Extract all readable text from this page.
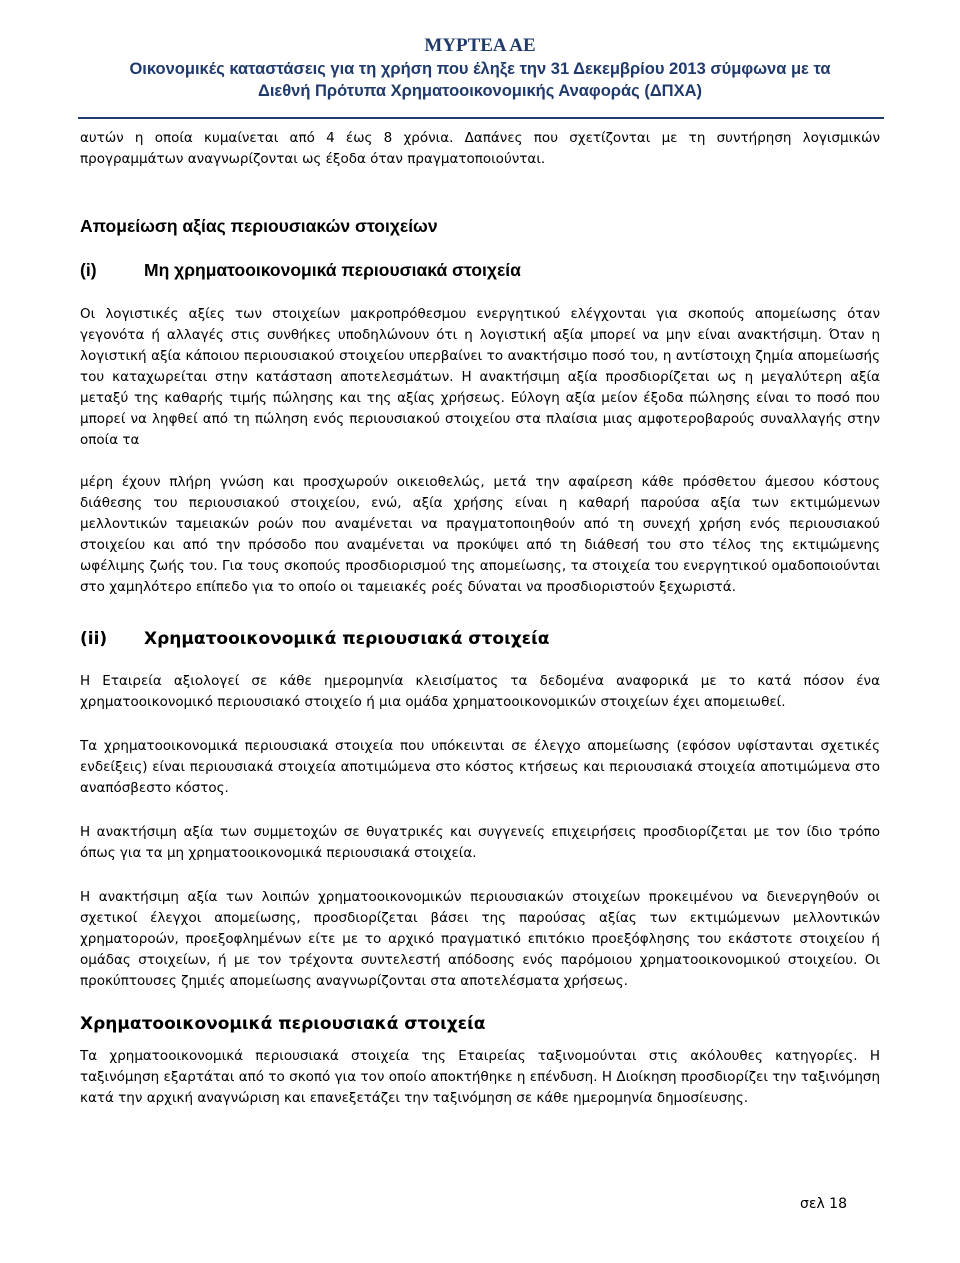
ΜΥΡΤΕΑ ΑΕ
Οικονομικές καταστάσεις για τη χρήση που έληξε την 31 Δεκεμβρίου 2013 σύμφωνα με τα
Διεθνή Πρότυπα Χρηματοοικονομικής Αναφοράς (ΔΠΧΑ)

αυτών η οποία κυμαίνεται από 4 έως 8 χρόνια. Δαπάνες που σχετίζονται με τη συντήρηση λογισμικών προγραμμάτων αναγνωρίζονται ως έξοδα όταν πραγματοποιούνται.

Απομείωση αξίας περιουσιακών στοιχείων
(i)	Μη χρηματοοικονομικά περιουσιακά στοιχεία

Οι λογιστικές αξίες των στοιχείων μακροπρόθεσμου ενεργητικού ελέγχονται για σκοπούς απομείωσης όταν γεγονότα ή αλλαγές στις συνθήκες υποδηλώνουν ότι η λογιστική αξία μπορεί να μην είναι ανακτήσιμη. Όταν η λογιστική αξία κάποιου περιουσιακού στοιχείου υπερβαίνει το ανακτήσιμο ποσό του, η αντίστοιχη ζημία απομείωσής του καταχωρείται στην κατάσταση αποτελεσμάτων. Η ανακτήσιμη αξία προσδιορίζεται ως η μεγαλύτερη αξία μεταξύ της καθαρής τιμής πώλησης και της αξίας χρήσεως. Εύλογη αξία μείον έξοδα πώλησης είναι το ποσό που μπορεί να ληφθεί από τη πώληση ενός περιουσιακού στοιχείου στα πλαίσια μιας αμφοτεροβαρούς συναλλαγής στην οποία τα

μέρη έχουν πλήρη γνώση και προσχωρούν οικειοθελώς, μετά την αφαίρεση κάθε πρόσθετου άμεσου κόστους διάθεσης του περιουσιακού στοιχείου, ενώ, αξία χρήσης είναι η καθαρή παρούσα αξία των εκτιμώμενων μελλοντικών ταμειακών ροών που αναμένεται να πραγματοποιηθούν από τη συνεχή χρήση ενός περιουσιακού στοιχείου και από την πρόσοδο που αναμένεται να προκύψει από τη διάθεσή του στο τέλος της εκτιμώμενης ωφέλιμης ζωής του. Για τους σκοπούς προσδιορισμού της απομείωσης, τα στοιχεία του ενεργητικού ομαδοποιούνται στο χαμηλότερο επίπεδο για το οποίο οι ταμειακές ροές δύναται να προσδιοριστούν ξεχωριστά.

(ii)	Χρηματοοικονομικά περιουσιακά στοιχεία

Η Εταιρεία αξιολογεί σε κάθε ημερομηνία κλεισίματος τα δεδομένα αναφορικά με το κατά πόσον ένα χρηματοοικονομικό περιουσιακό στοιχείο ή μια ομάδα χρηματοοικονομικών στοιχείων έχει απομειωθεί.

Τα χρηματοοικονομικά περιουσιακά στοιχεία που υπόκεινται σε έλεγχο απομείωσης (εφόσον υφίστανται σχετικές ενδείξεις) είναι περιουσιακά στοιχεία αποτιμώμενα στο κόστος κτήσεως και περιουσιακά στοιχεία αποτιμώμενα στο αναπόσβεστο κόστος.

Η ανακτήσιμη αξία των συμμετοχών σε θυγατρικές και συγγενείς επιχειρήσεις προσδιορίζεται με τον ίδιο τρόπο όπως για τα μη χρηματοοικονομικά περιουσιακά στοιχεία.

Η ανακτήσιμη αξία των λοιπών χρηματοοικονομικών περιουσιακών στοιχείων προκειμένου να διενεργηθούν οι σχετικοί έλεγχοι απομείωσης, προσδιορίζεται βάσει της παρούσας αξίας των εκτιμώμενων μελλοντικών χρηματοροών, προεξοφλημένων είτε με το αρχικό πραγματικό επιτόκιο προεξόφλησης του εκάστοτε στοιχείου ή ομάδας στοιχείων, ή με τον τρέχοντα συντελεστή απόδοσης ενός παρόμοιου χρηματοοικονομικού στοιχείου. Οι προκύπτουσες ζημιές απομείωσης αναγνωρίζονται στα αποτελέσματα χρήσεως.

Χρηματοοικονομικά περιουσιακά στοιχεία

Τα χρηματοοικονομικά περιουσιακά στοιχεία της Εταιρείας ταξινομούνται στις ακόλουθες κατηγορίες. Η ταξινόμηση εξαρτάται από το σκοπό για τον οποίο αποκτήθηκε η επένδυση. Η Διοίκηση προσδιορίζει την ταξινόμηση κατά την αρχική αναγνώριση και επανεξετάζει την ταξινόμηση σε κάθε ημερομηνία δημοσίευσης.

σελ 18
